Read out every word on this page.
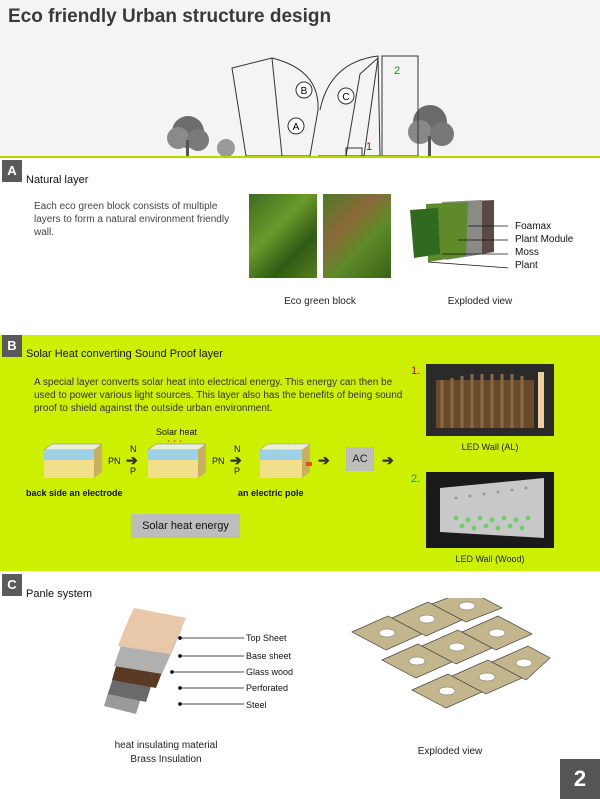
Eco friendly Urban structure design
B
C
A
1
2
A
Natural layer
Each eco green block consists of multiple layers to form a natural environment friendly wall.
Foamax
Plant Module
Moss
Plant
Eco green block	Exploded view
B
Solar Heat converting Sound Proof layer
A special layer converts solar heat into electrical energy. This energy can then be used to power various light sources. This layer also has the benefits of being sound proof to shield against the outside urban environment.
PN
N
P
➔	PN
N
P
➔
Solar heat
➔	AC	➔
back side an electrode	an electric pole
Solar heat energy
1.
LED Wall (AL)
2.
LED Wall (Wood)
C
Panle system
Top Sheet
Base sheet
Glass wood
Perforated
Steel
heat insulating material
Brass Insulation
Exploded view
2
